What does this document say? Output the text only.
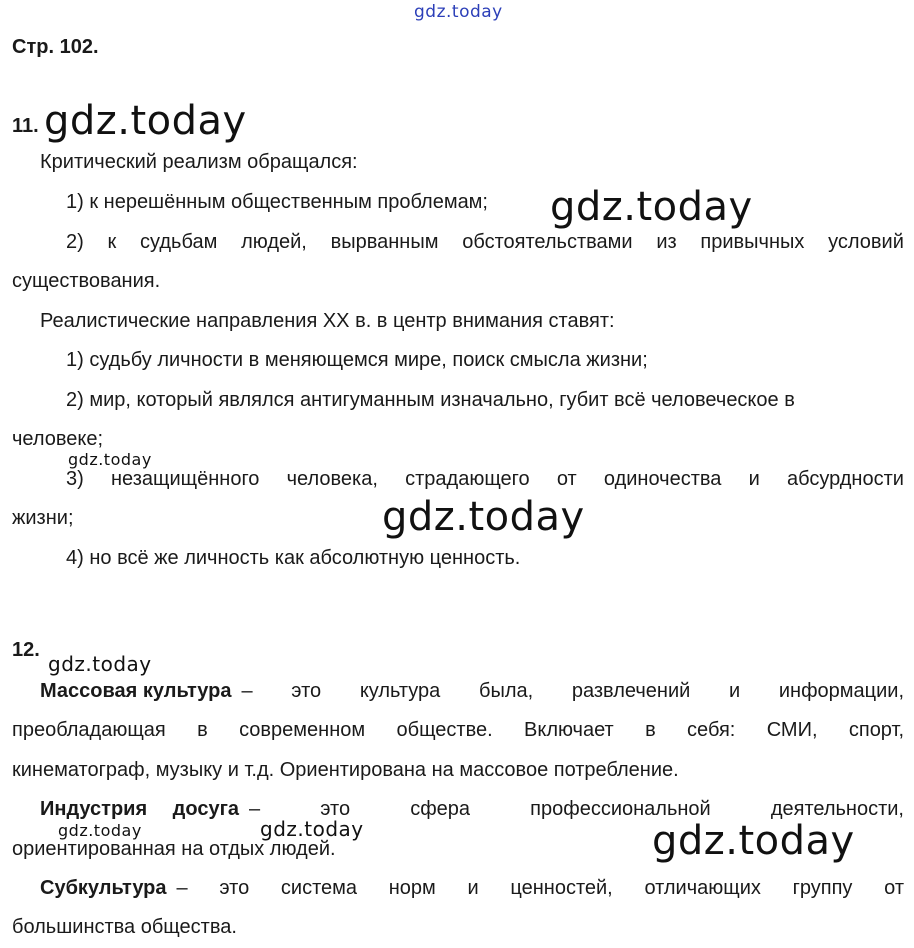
gdz.today
Стр. 102.
11. gdz.today
Критический реализм обращался:
1) к нерешённым общественным проблемам; gdz.today
2) к судьбам людей, вырванным обстоятельствами из привычных условий
существования.
Реалистические направления XX в. в центр внимания ставят:
1) судьбу личности в меняющемся мире, поиск смысла жизни;
2) мир, который являлся антигуманным изначально, губит всё человеческое в
человеке;
gdz.today
3) незащищённого человека, страдающего от одиночества и абсурдности
жизни;	gdz.today
4) но всё же личность как абсолютную ценность.
12.
gdz.today
Массовая культура – это культура была, развлечений и информации,
преобладающая в современном обществе. Включает в себя: СМИ, спорт,
кинематограф, музыку и т.д. Ориентирована на массовое потребление.
Индустрия досуга – это сфера профессиональной деятельности,
gdz.today	gdz.today
ориентированная на отдых людей.	gdz.today
Субкультура – это система норм и ценностей, отличающих группу от
большинства общества.
